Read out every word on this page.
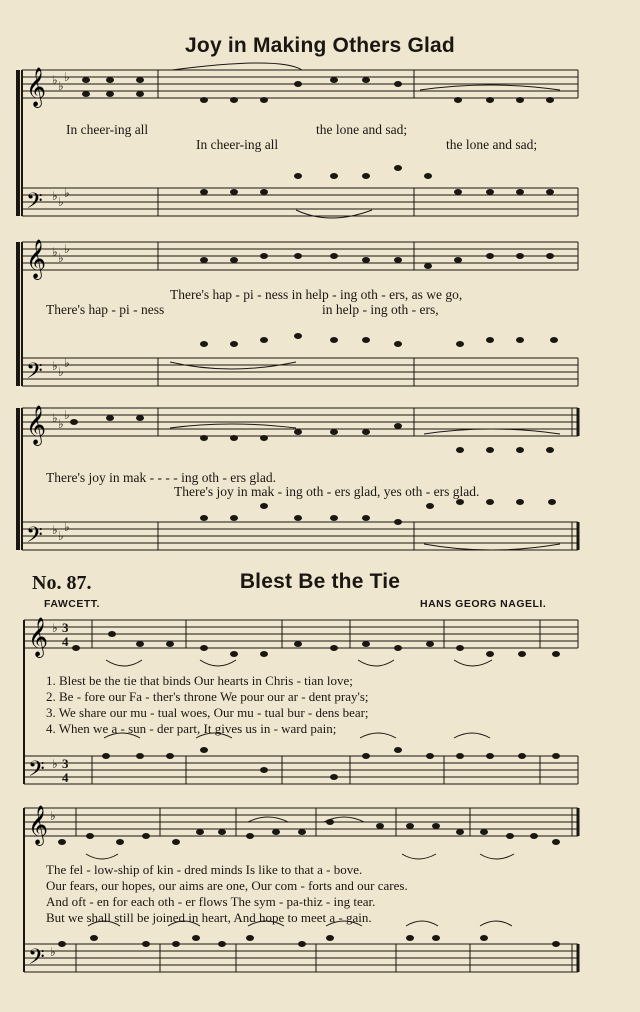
Joy in Making Others Glad
𝄞
𝄢
♭ ♭
♭
♭ ♭
♭
In cheer-ing all	the lone and sad;
In cheer-ing all	the lone and sad;
𝄞
𝄢
♭ ♭
♭
♭ ♭
♭
There's hap - pi - ness in help - ing oth - ers, as we go,
There's hap - pi - ness	in help - ing oth - ers,
𝄞
𝄢
♭ ♭
♭
♭ ♭
♭
There's joy in mak - - - - ing oth - ers glad.
There's joy in mak - ing oth - ers glad, yes oth - ers glad.
No. 87.	Blest Be the Tie
FAWCETT.	HANS GEORG NAGELI.
𝄞
𝄢
♭
♭
3
4
3
4
1. Blest be the tie that binds Our hearts in Chris - tian love;
2. Be - fore our Fa - ther's throne We pour our ar - dent pray's;
3. We share our mu - tual woes, Our mu - tual bur - dens bear;
4. When we a - sun - der part, It gives us in - ward pain;
𝄞
𝄢
♭
♭
The fel - low-ship of kin - dred minds Is like to that a - bove.
Our fears, our hopes, our aims are one, Our com - forts and our cares.
And oft - en for each oth - er flows The sym - pa-thiz - ing tear.
But we shall still be joined in heart, And hope to meet a - gain.
